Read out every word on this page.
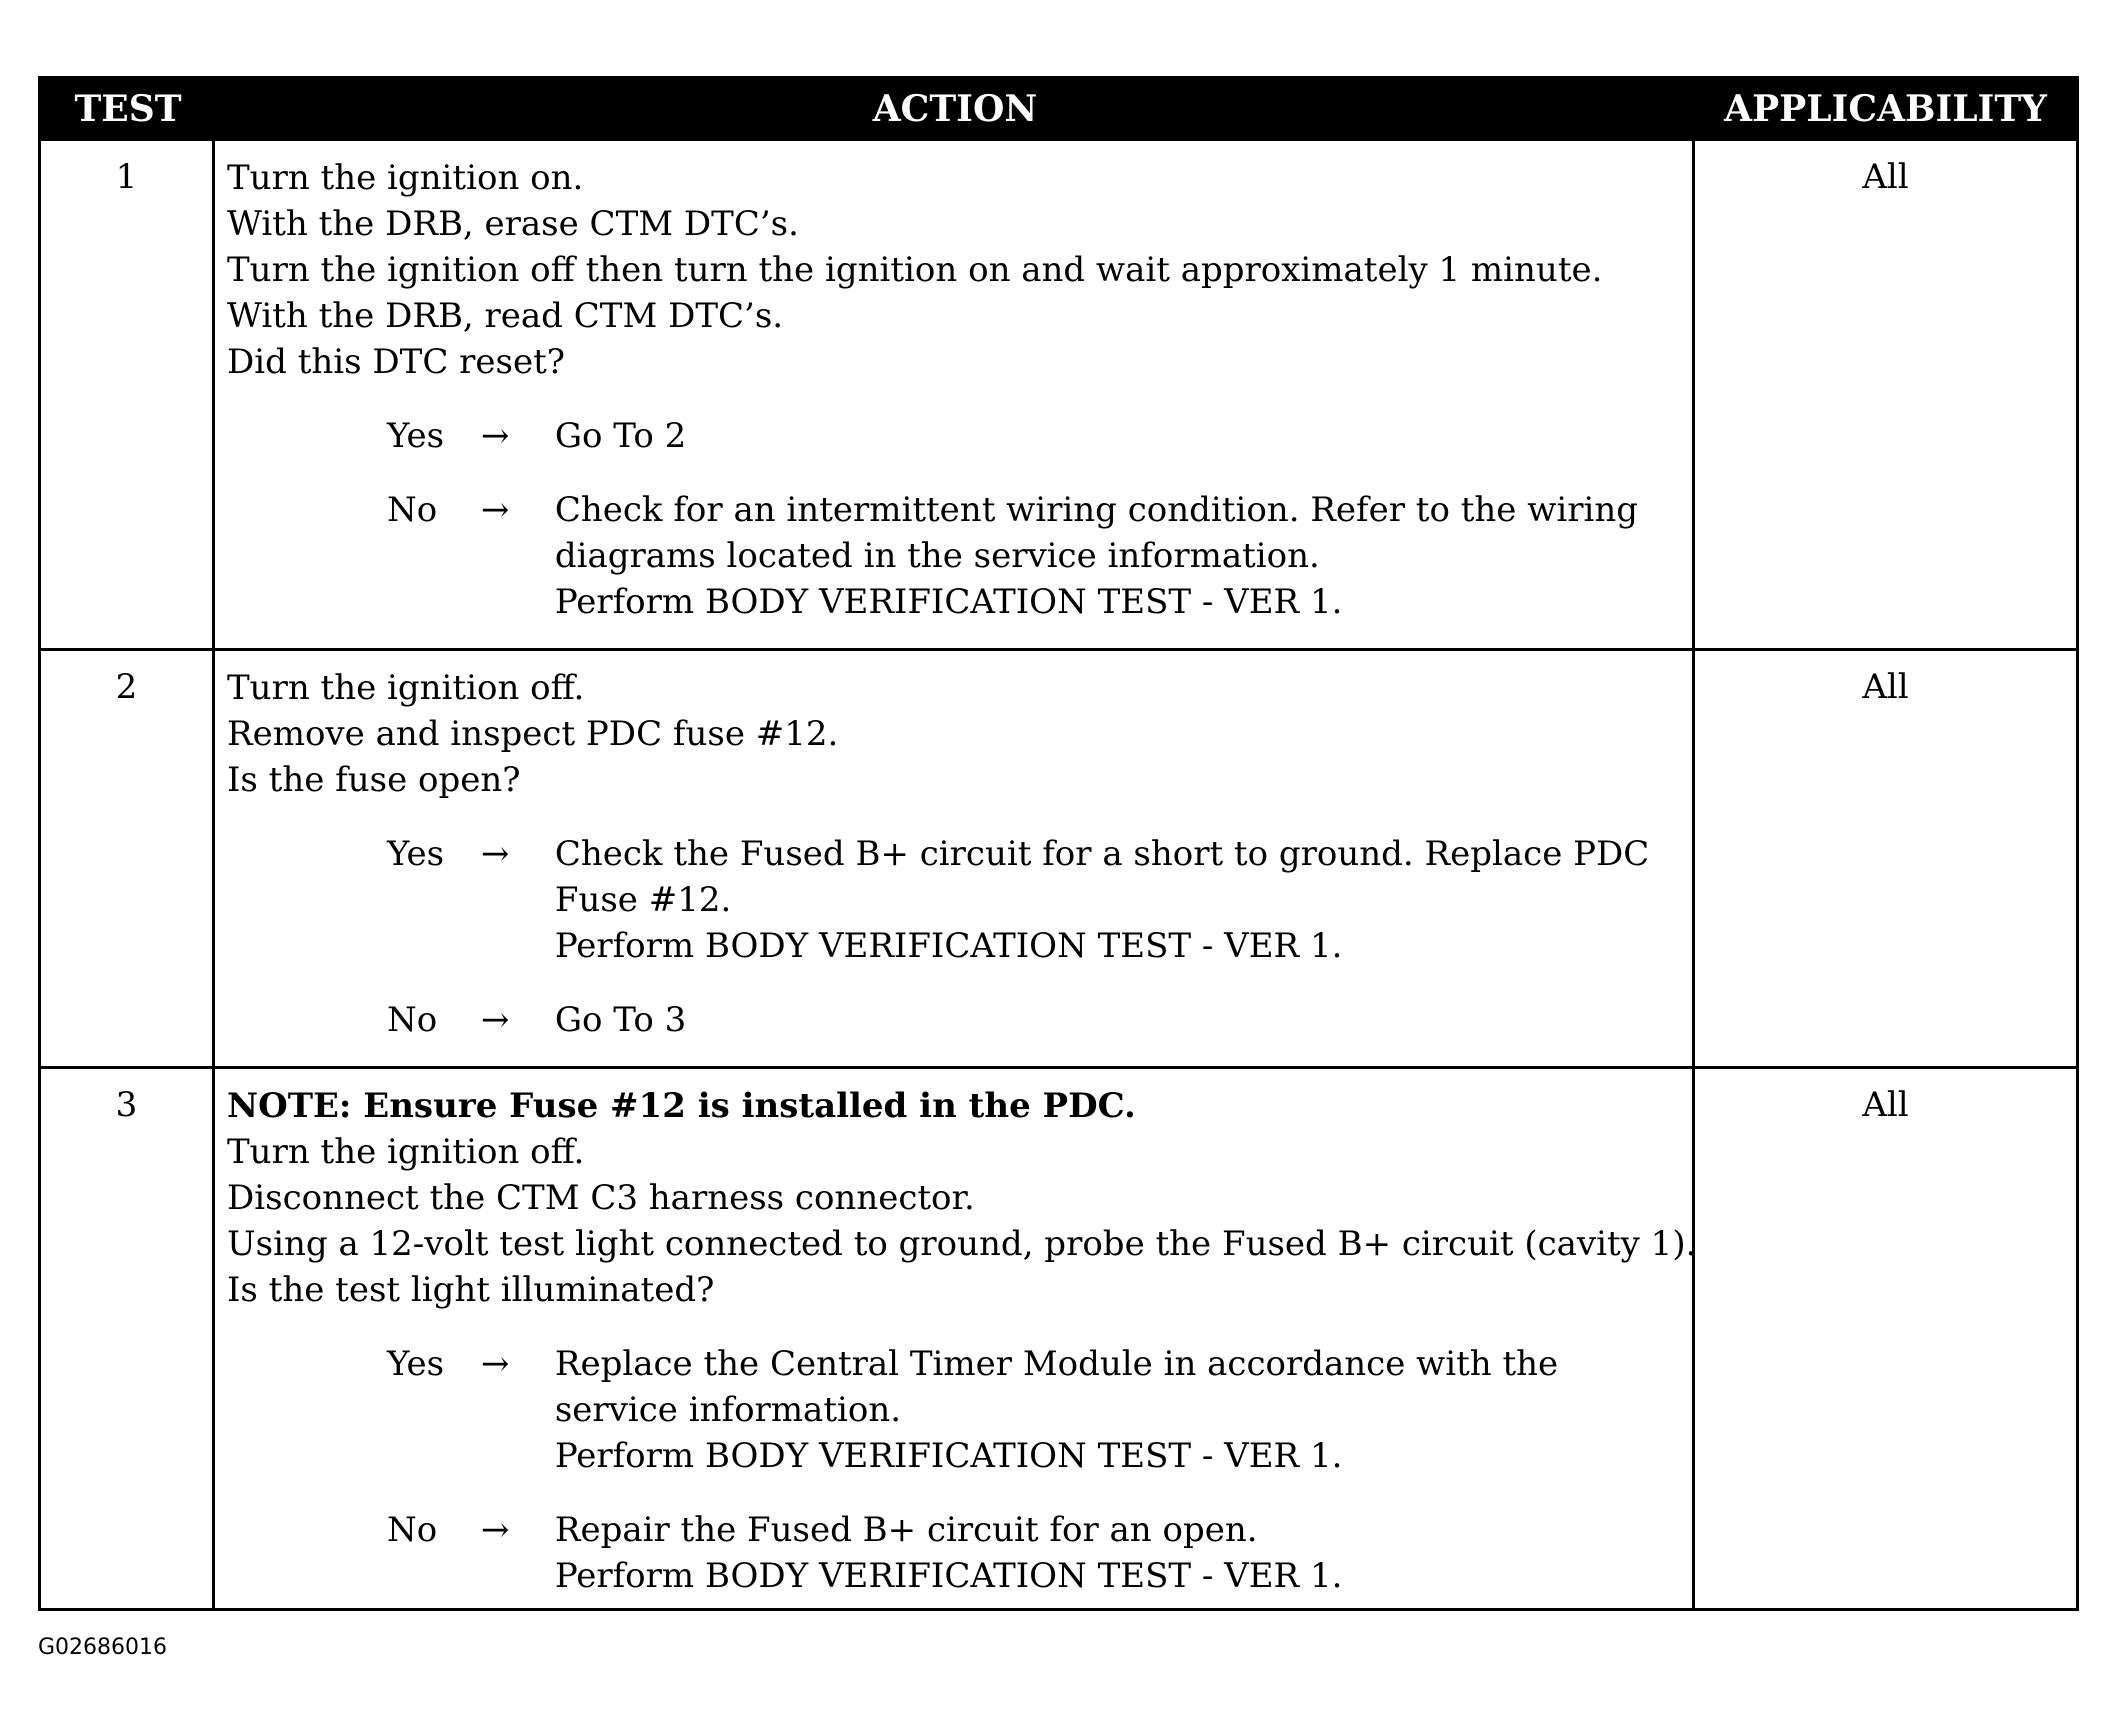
TEST	ACTION	APPLICABILITY
1	Turn the ignition on.
With the DRB, erase CTM DTC’s.
Turn the ignition off then turn the ignition on and wait approximately 1 minute.
With the DRB, read CTM DTC’s.
Did this DTC reset?
Yes	→	Go To 2
No	→	Check for an intermittent wiring condition. Refer to the wiring diagrams located in the service information.
Perform BODY VERIFICATION TEST - VER 1.
All
2	Turn the ignition off.
Remove and inspect PDC fuse #12.
Is the fuse open?
Yes	→	Check the Fused B+ circuit for a short to ground. Replace PDC Fuse #12.
Perform BODY VERIFICATION TEST - VER 1.
No	→	Go To 3
All
3	NOTE: Ensure Fuse #12 is installed in the PDC.
Turn the ignition off.
Disconnect the CTM C3 harness connector.
Using a 12-volt test light connected to ground, probe the Fused B+ circuit (cavity 1).
Is the test light illuminated?
Yes	→	Replace the Central Timer Module in accordance with the service information.
Perform BODY VERIFICATION TEST - VER 1.
No	→	Repair the Fused B+ circuit for an open.
Perform BODY VERIFICATION TEST - VER 1.
All
G02686016
